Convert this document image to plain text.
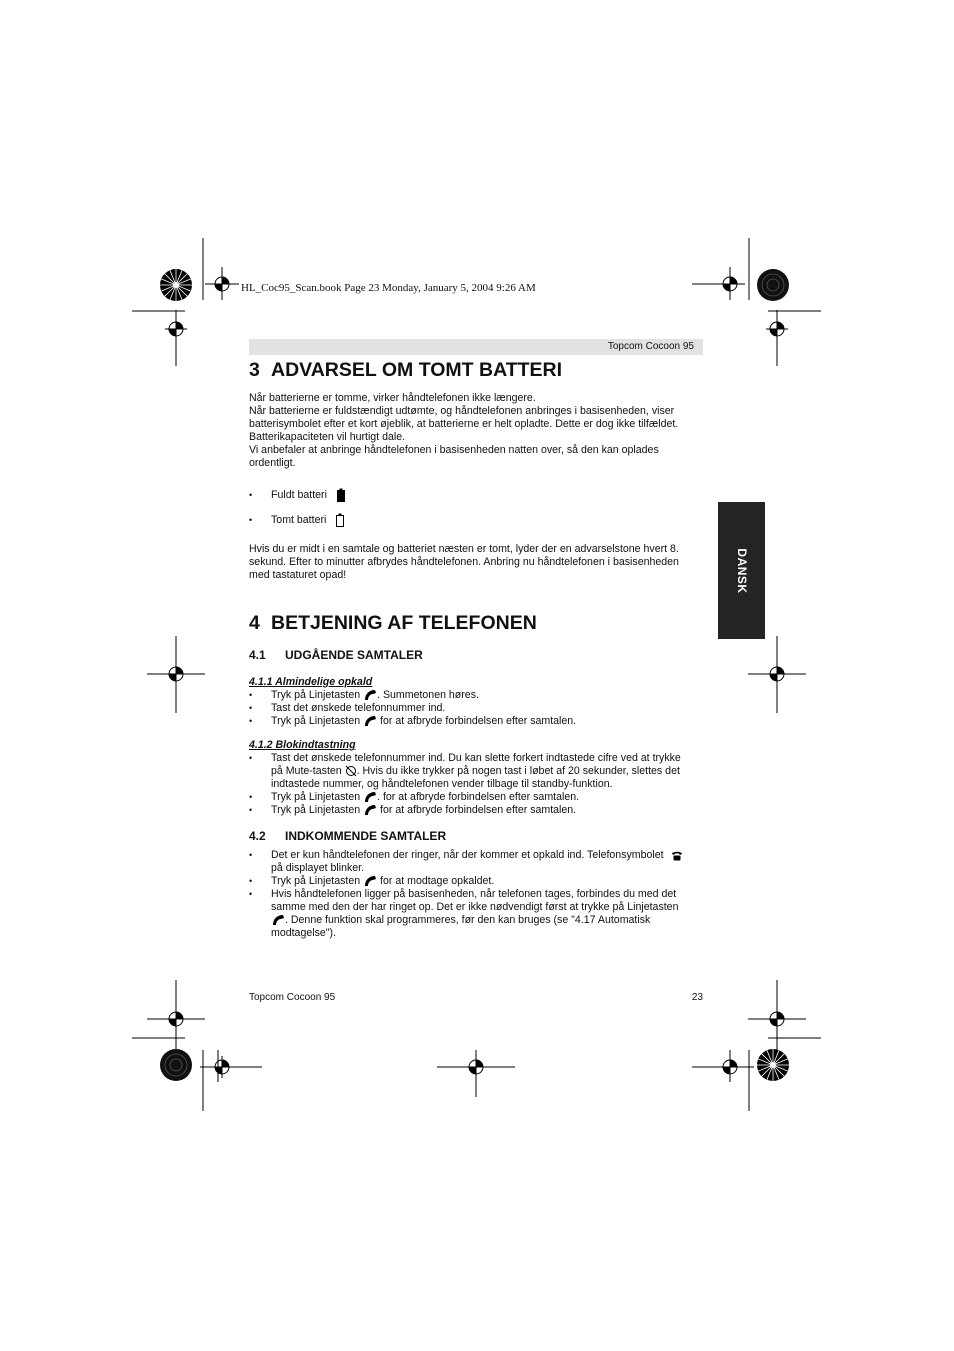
HL_Coc95_Scan.book Page 23 Monday, January 5, 2004 9:26 AM
Topcom Cocoon 95
DANSK
3 ADVARSEL OM TOMT BATTERI

Når batterierne er tomme, virker håndtelefonen ikke længere.

Når batterierne er fuldstændigt udtømte, og håndtelefonen anbringes i basisenheden, viser

batterisymbolet efter et kort øjeblik, at batterierne er helt opladte. Dette er dog ikke tilfældet.

Batterikapaciteten vil hurtigt dale.

Vi anbefaler at anbringe håndtelefonen i basisenheden natten over, så den kan oplades

ordentligt.

• Fuldt batteri
• Tomt batteri

Hvis du er midt i en samtale og batteriet næsten er tomt, lyder der en advarselstone hvert 8.

sekund. Efter to minutter afbrydes håndtelefonen. Anbring nu håndtelefonen i basisenheden

med tastaturet opad!

4 BETJENING AF TELEFONEN
4.1 UDGÅENDE SAMTALER
4.1.1 Almindelige opkald
• Tryk på Linjetasten . Summetonen høres.
• Tast det ønskede telefonnummer ind.
• Tryk på Linjetasten for at afbryde forbindelsen efter samtalen.
4.1.2 Blokindtastning
• Tast det ønskede telefonnummer ind. Du kan slette forkert indtastede cifre ved at trykke
på Mute-tasten . Hvis du ikke trykker på nogen tast i løbet af 20 sekunder, slettes det
indtastede nummer, og håndtelefonen vender tilbage til standby-funktion.
• Tryk på Linjetasten . for at afbryde forbindelsen efter samtalen.
• Tryk på Linjetasten for at afbryde forbindelsen efter samtalen.
4.2 INDKOMMENDE SAMTALER
• Det er kun håndtelefonen der ringer, når der kommer et opkald ind. Telefonsymbolet
på displayet blinker.
• Tryk på Linjetasten for at modtage opkaldet.
• Hvis håndtelefonen ligger på basisenheden, når telefonen tages, forbindes du med det
samme med den der har ringet op. Det er ikke nødvendigt først at trykke på Linjetasten
. Denne funktion skal programmeres, før den kan bruges (se "4.17 Automatisk
modtagelse").
Topcom Cocoon 95	23
